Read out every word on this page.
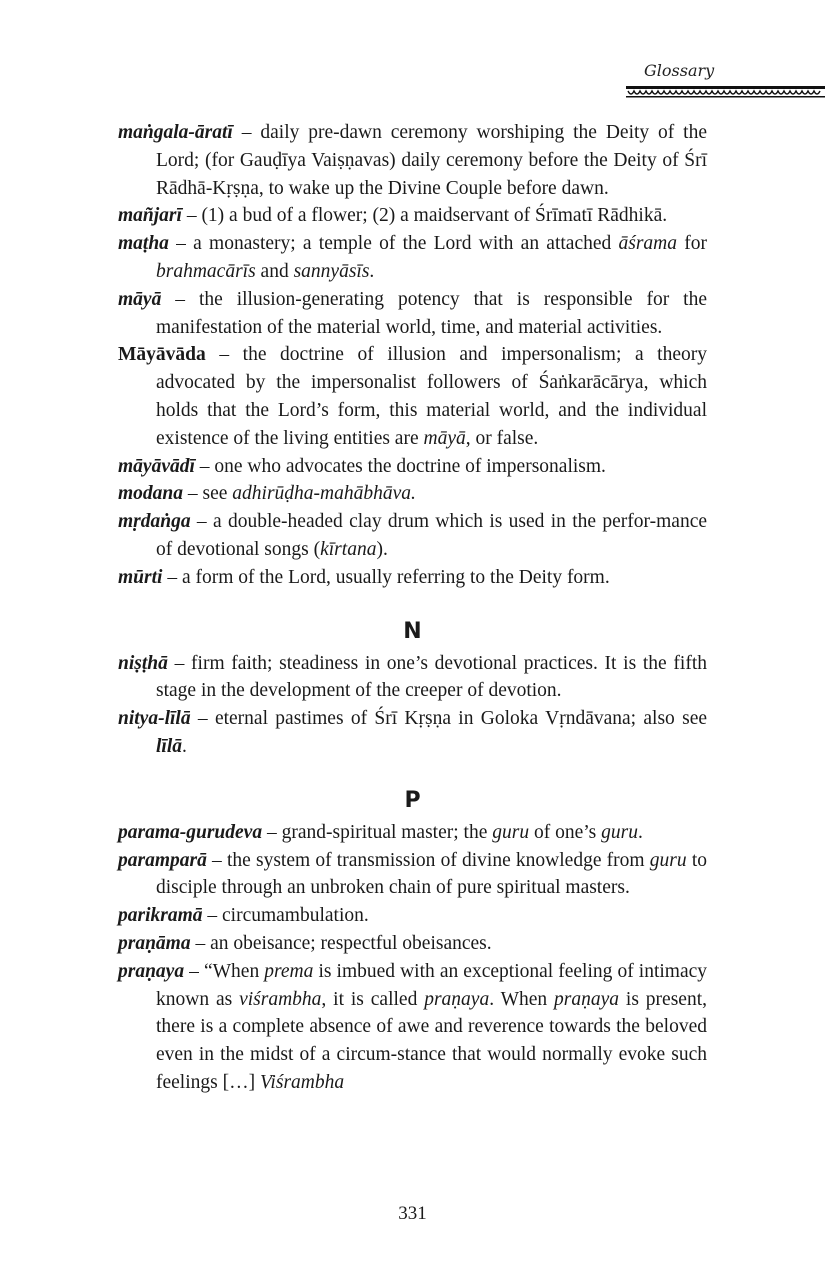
Glossary

maṅgala-āratī – daily pre-dawn ceremony worshiping the Deity of the Lord; (for Gauḍīya Vaiṣṇavas) daily ceremony before the Deity of Śrī Rādhā-Kṛṣṇa, to wake up the Divine Couple before dawn.

mañjarī – (1) a bud of a flower; (2) a maidservant of Śrīmatī Rādhikā.

maṭha – a monastery; a temple of the Lord with an attached āśrama for brahmacārīs and sannyāsīs.

māyā – the illusion-generating potency that is responsible for the manifestation of the material world, time, and material activities.

Māyāvāda – the doctrine of illusion and impersonalism; a theory advocated by the impersonalist followers of Śaṅkarācārya, which holds that the Lord’s form, this material world, and the individual existence of the living entities are māyā, or false.

māyāvādī – one who advocates the doctrine of impersonalism.

modana – see adhirūḍha-mahābhāva.

mṛdaṅga – a double-headed clay drum which is used in the perfor-mance of devotional songs (kīrtana).

mūrti – a form of the Lord, usually referring to the Deity form.

N

niṣṭhā – firm faith; steadiness in one’s devotional practices. It is the fifth stage in the development of the creeper of devotion.

nitya-līlā – eternal pastimes of Śrī Kṛṣṇa in Goloka Vṛndāvana; also see līlā.

P

parama-gurudeva – grand-spiritual master; the guru of one’s guru.

paramparā – the system of transmission of divine knowledge from guru to disciple through an unbroken chain of pure spiritual masters.

parikramā – circumambulation.

praṇāma – an obeisance; respectful obeisances.

praṇaya – “When prema is imbued with an exceptional feeling of intimacy known as viśrambha, it is called praṇaya. When praṇaya is present, there is a complete absence of awe and reverence towards the beloved even in the midst of a circum-stance that would normally evoke such feelings […] Viśrambha

331
